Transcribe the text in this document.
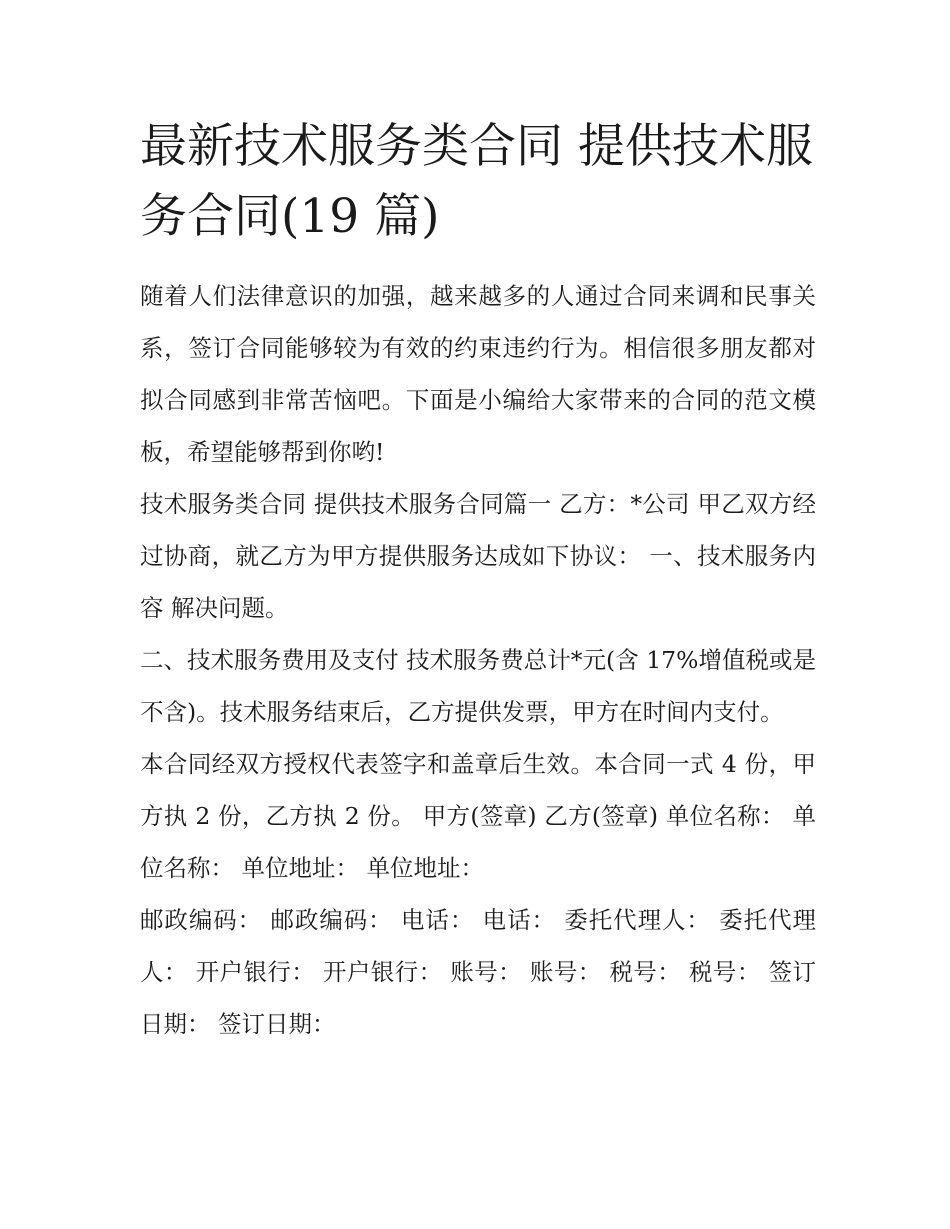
最新技术服务类合同 提供技术服务合同(19 篇)

随着人们法律意识的加强，越来越多的人通过合同来调和民事关系，签订合同能够较为有效的约束违约行为。相信很多朋友都对拟合同感到非常苦恼吧。下面是小编给大家带来的合同的范文模板，希望能够帮到你哟!

技术服务类合同 提供技术服务合同篇一 乙方：*公司 甲乙双方经过协商，就乙方为甲方提供服务达成如下协议： 一、技术服务内容 解决问题。

二、技术服务费用及支付 技术服务费总计*元(含 17%增值税或是不含)。技术服务结束后，乙方提供发票，甲方在时间内支付。

本合同经双方授权代表签字和盖章后生效。本合同一式 4 份，甲方执 2 份，乙方执 2 份。 甲方(签章) 乙方(签章) 单位名称： 单位名称： 单位地址： 单位地址：

邮政编码： 邮政编码： 电话： 电话： 委托代理人： 委托代理人： 开户银行： 开户银行： 账号： 账号： 税号： 税号： 签订日期： 签订日期：
